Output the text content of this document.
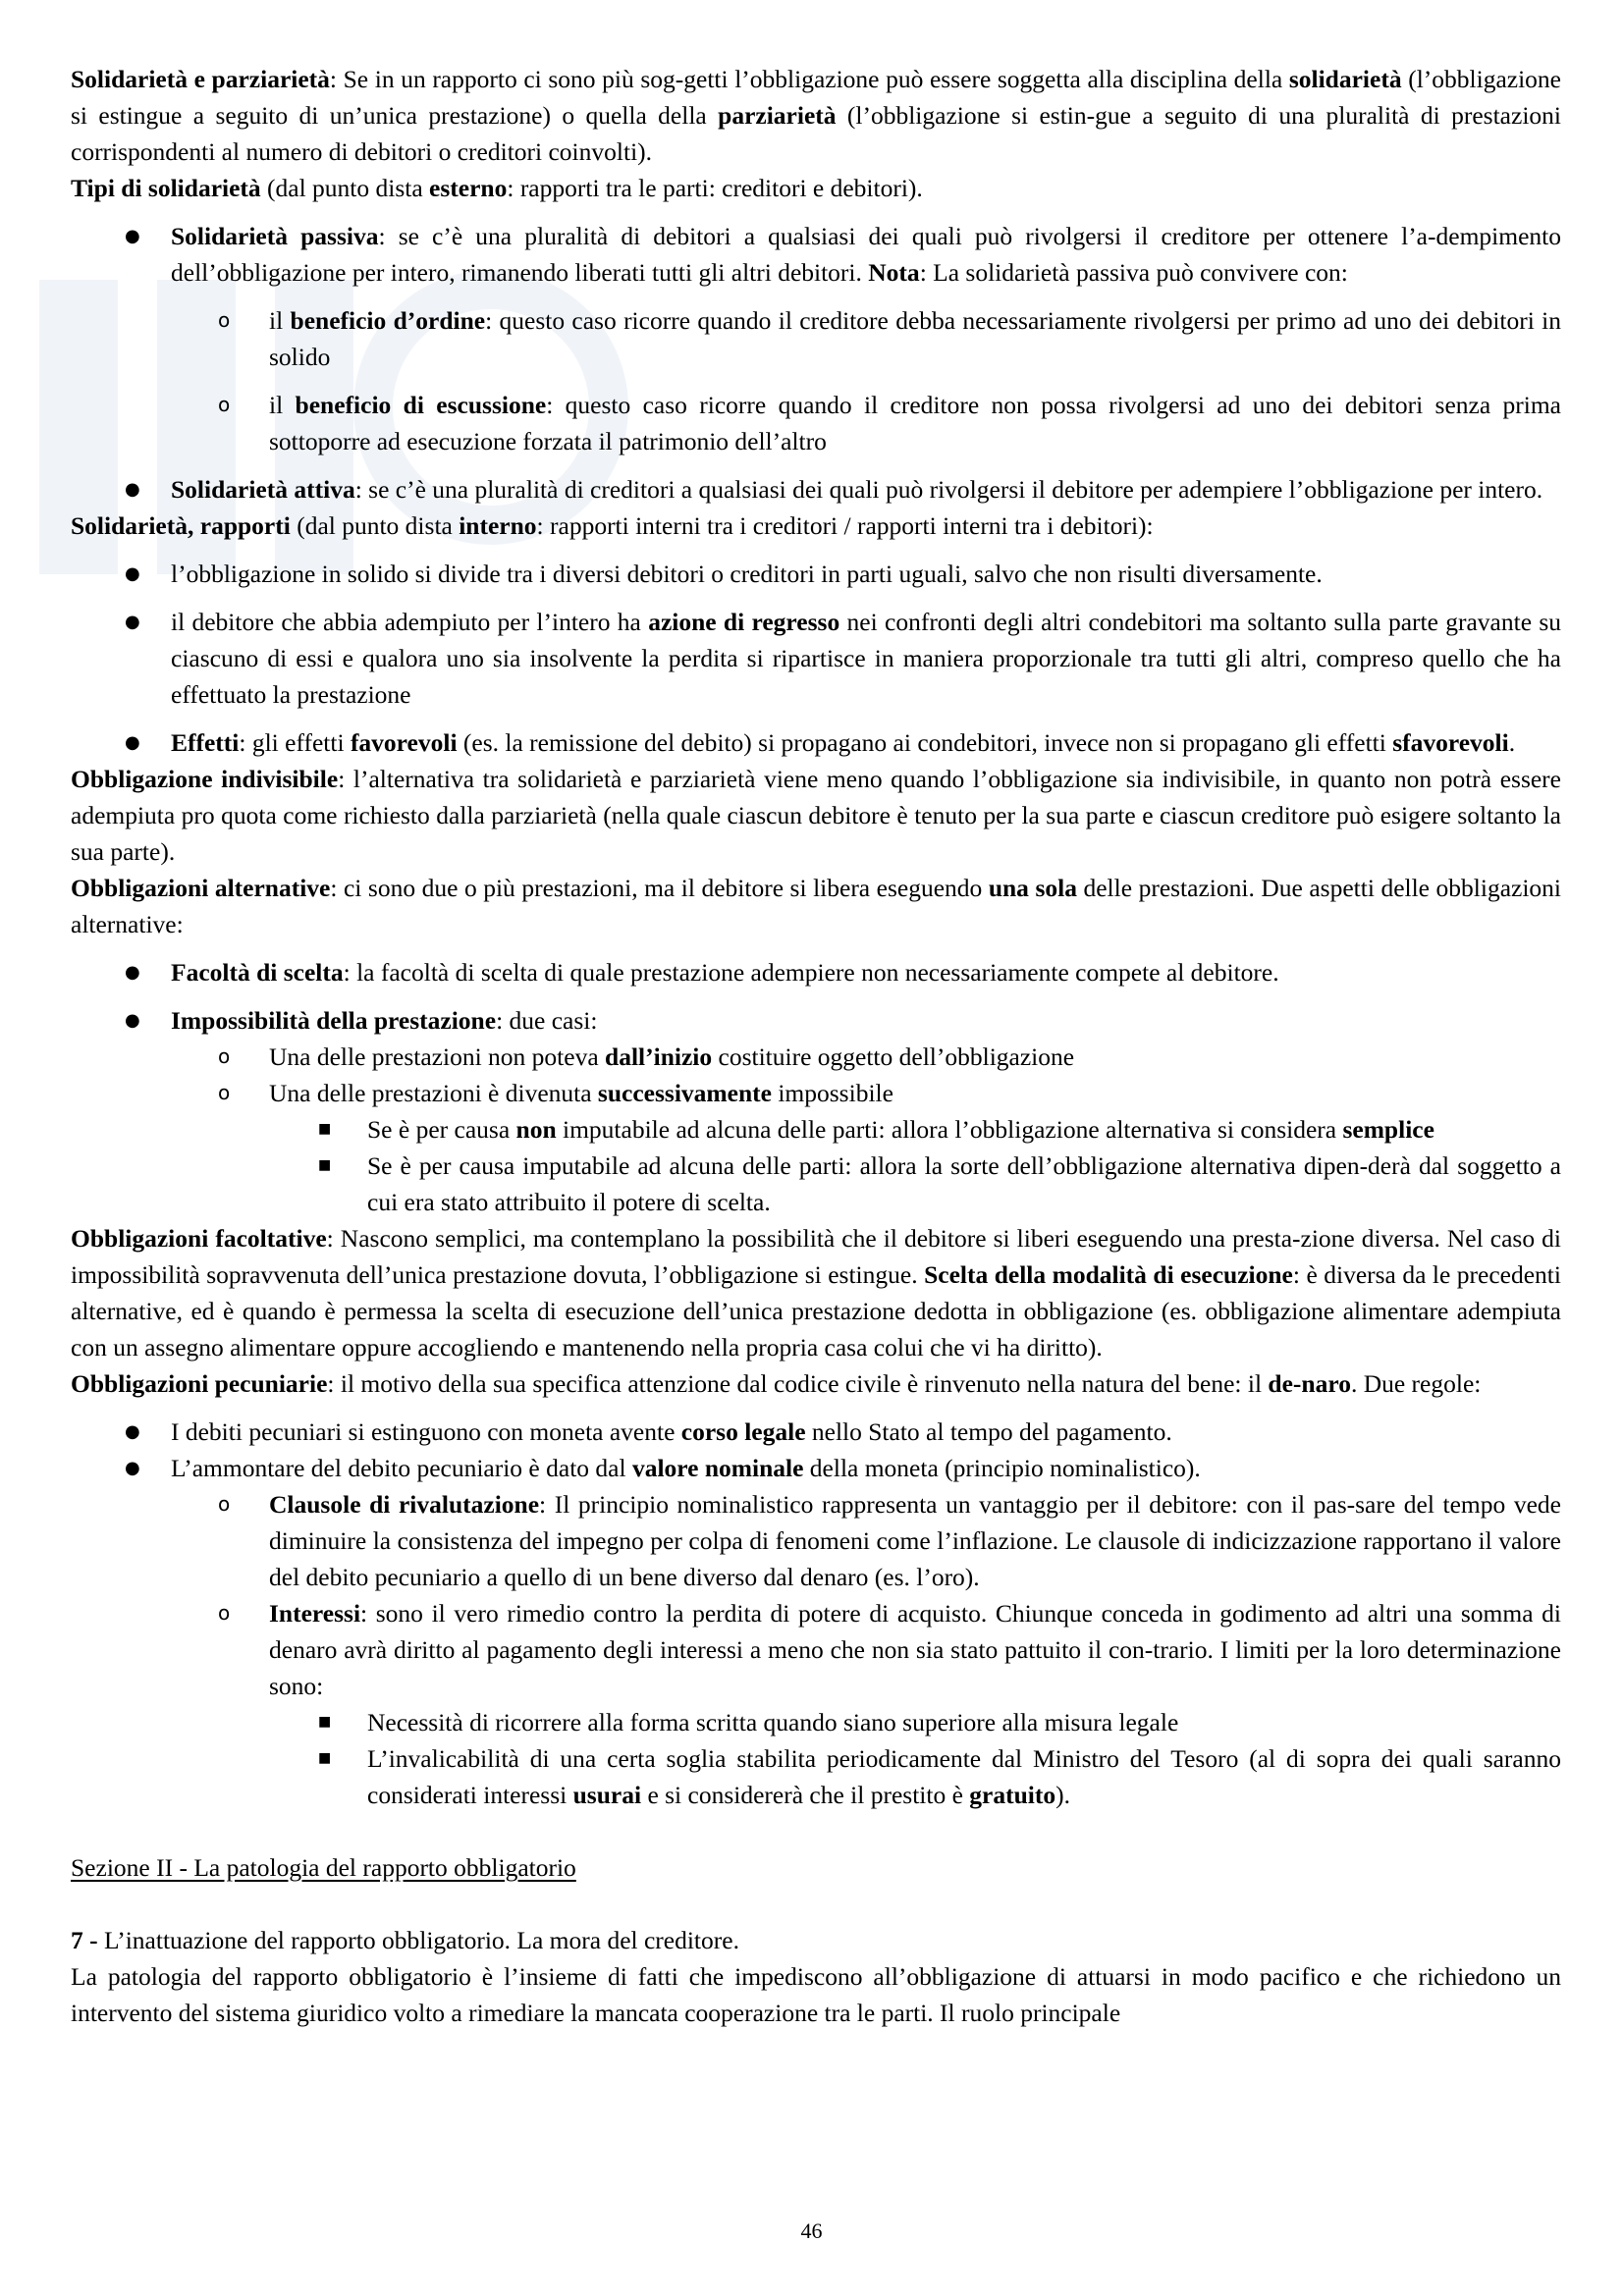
Solidarietà e parziarietà: Se in un rapporto ci sono più sog-getti l’obbligazione può essere soggetta alla disciplina della solidarietà (l’obbligazione si estingue a seguito di un’unica prestazione) o quella della parziarietà (l’obbligazione si estin-gue a seguito di una pluralità di prestazioni corrispondenti al numero di debitori o creditori coinvolti).

Tipi di solidarietà (dal punto dista esterno: rapporti tra le parti: creditori e debitori).

● Solidarietà passiva: se c’è una pluralità di debitori a qualsiasi dei quali può rivolgersi il creditore per ottenere l’a-dempimento dell’obbligazione per intero, rimanendo liberati tutti gli altri debitori. Nota: La solidarietà passiva può convivere con:
o il beneficio d’ordine: questo caso ricorre quando il creditore debba necessariamente rivolgersi per primo ad uno dei debitori in solido
o il beneficio di escussione: questo caso ricorre quando il creditore non possa rivolgersi ad uno dei debitori senza prima sottoporre ad esecuzione forzata il patrimonio dell’altro
● Solidarietà attiva: se c’è una pluralità di creditori a qualsiasi dei quali può rivolgersi il debitore per adempiere l’obbligazione per intero.

Solidarietà, rapporti (dal punto dista interno: rapporti interni tra i creditori / rapporti interni tra i debitori):

● l’obbligazione in solido si divide tra i diversi debitori o creditori in parti uguali, salvo che non risulti diversamente.
● il debitore che abbia adempiuto per l’intero ha azione di regresso nei confronti degli altri condebitori ma soltanto sulla parte gravante su ciascuno di essi e qualora uno sia insolvente la perdita si ripartisce in maniera proporzionale tra tutti gli altri, compreso quello che ha effettuato la prestazione
● Effetti: gli effetti favorevoli (es. la remissione del debito) si propagano ai condebitori, invece non si propagano gli effetti sfavorevoli.

Obbligazione indivisibile: l’alternativa tra solidarietà e parziarietà viene meno quando l’obbligazione sia indivisibile, in quanto non potrà essere adempiuta pro quota come richiesto dalla parziarietà (nella quale ciascun debitore è tenuto per la sua parte e ciascun creditore può esigere soltanto la sua parte).

Obbligazioni alternative: ci sono due o più prestazioni, ma il debitore si libera eseguendo una sola delle prestazioni. Due aspetti delle obbligazioni alternative:

● Facoltà di scelta: la facoltà di scelta di quale prestazione adempiere non necessariamente compete al debitore.
● Impossibilità della prestazione: due casi:
o Una delle prestazioni non poteva dall’inizio costituire oggetto dell’obbligazione
o Una delle prestazioni è divenuta successivamente impossibile
■ Se è per causa non imputabile ad alcuna delle parti: allora l’obbligazione alternativa si considera semplice
■ Se è per causa imputabile ad alcuna delle parti: allora la sorte dell’obbligazione alternativa dipen-derà dal soggetto a cui era stato attribuito il potere di scelta.

Obbligazioni facoltative: Nascono semplici, ma contemplano la possibilità che il debitore si liberi eseguendo una presta-zione diversa. Nel caso di impossibilità sopravvenuta dell’unica prestazione dovuta, l’obbligazione si estingue. Scelta della modalità di esecuzione: è diversa da le precedenti alternative, ed è quando è permessa la scelta di esecuzione dell’unica prestazione dedotta in obbligazione (es. obbligazione alimentare adempiuta con un assegno alimentare oppure accogliendo e mantenendo nella propria casa colui che vi ha diritto).

Obbligazioni pecuniarie: il motivo della sua specifica attenzione dal codice civile è rinvenuto nella natura del bene: il de-naro. Due regole:

● I debiti pecuniari si estinguono con moneta avente corso legale nello Stato al tempo del pagamento.
● L’ammontare del debito pecuniario è dato dal valore nominale della moneta (principio nominalistico).
o Clausole di rivalutazione: Il principio nominalistico rappresenta un vantaggio per il debitore: con il pas-sare del tempo vede diminuire la consistenza del impegno per colpa di fenomeni come l’inflazione. Le clausole di indicizzazione rapportano il valore del debito pecuniario a quello di un bene diverso dal denaro (es. l’oro).
o Interessi: sono il vero rimedio contro la perdita di potere di acquisto. Chiunque conceda in godimento ad altri una somma di denaro avrà diritto al pagamento degli interessi a meno che non sia stato pattuito il con-trario. I limiti per la loro determinazione sono:
■ Necessità di ricorrere alla forma scritta quando siano superiore alla misura legale
■ L’invalicabilità di una certa soglia stabilita periodicamente dal Ministro del Tesoro (al di sopra dei quali saranno considerati interessi usurai e si considererà che il prestito è gratuito).

Sezione II - La patologia del rapporto obbligatorio

7 - L’inattuazione del rapporto obbligatorio. La mora del creditore.

La patologia del rapporto obbligatorio è l’insieme di fatti che impediscono all’obbligazione di attuarsi in modo pacifico e che richiedono un intervento del sistema giuridico volto a rimediare la mancata cooperazione tra le parti. Il ruolo principale

46
